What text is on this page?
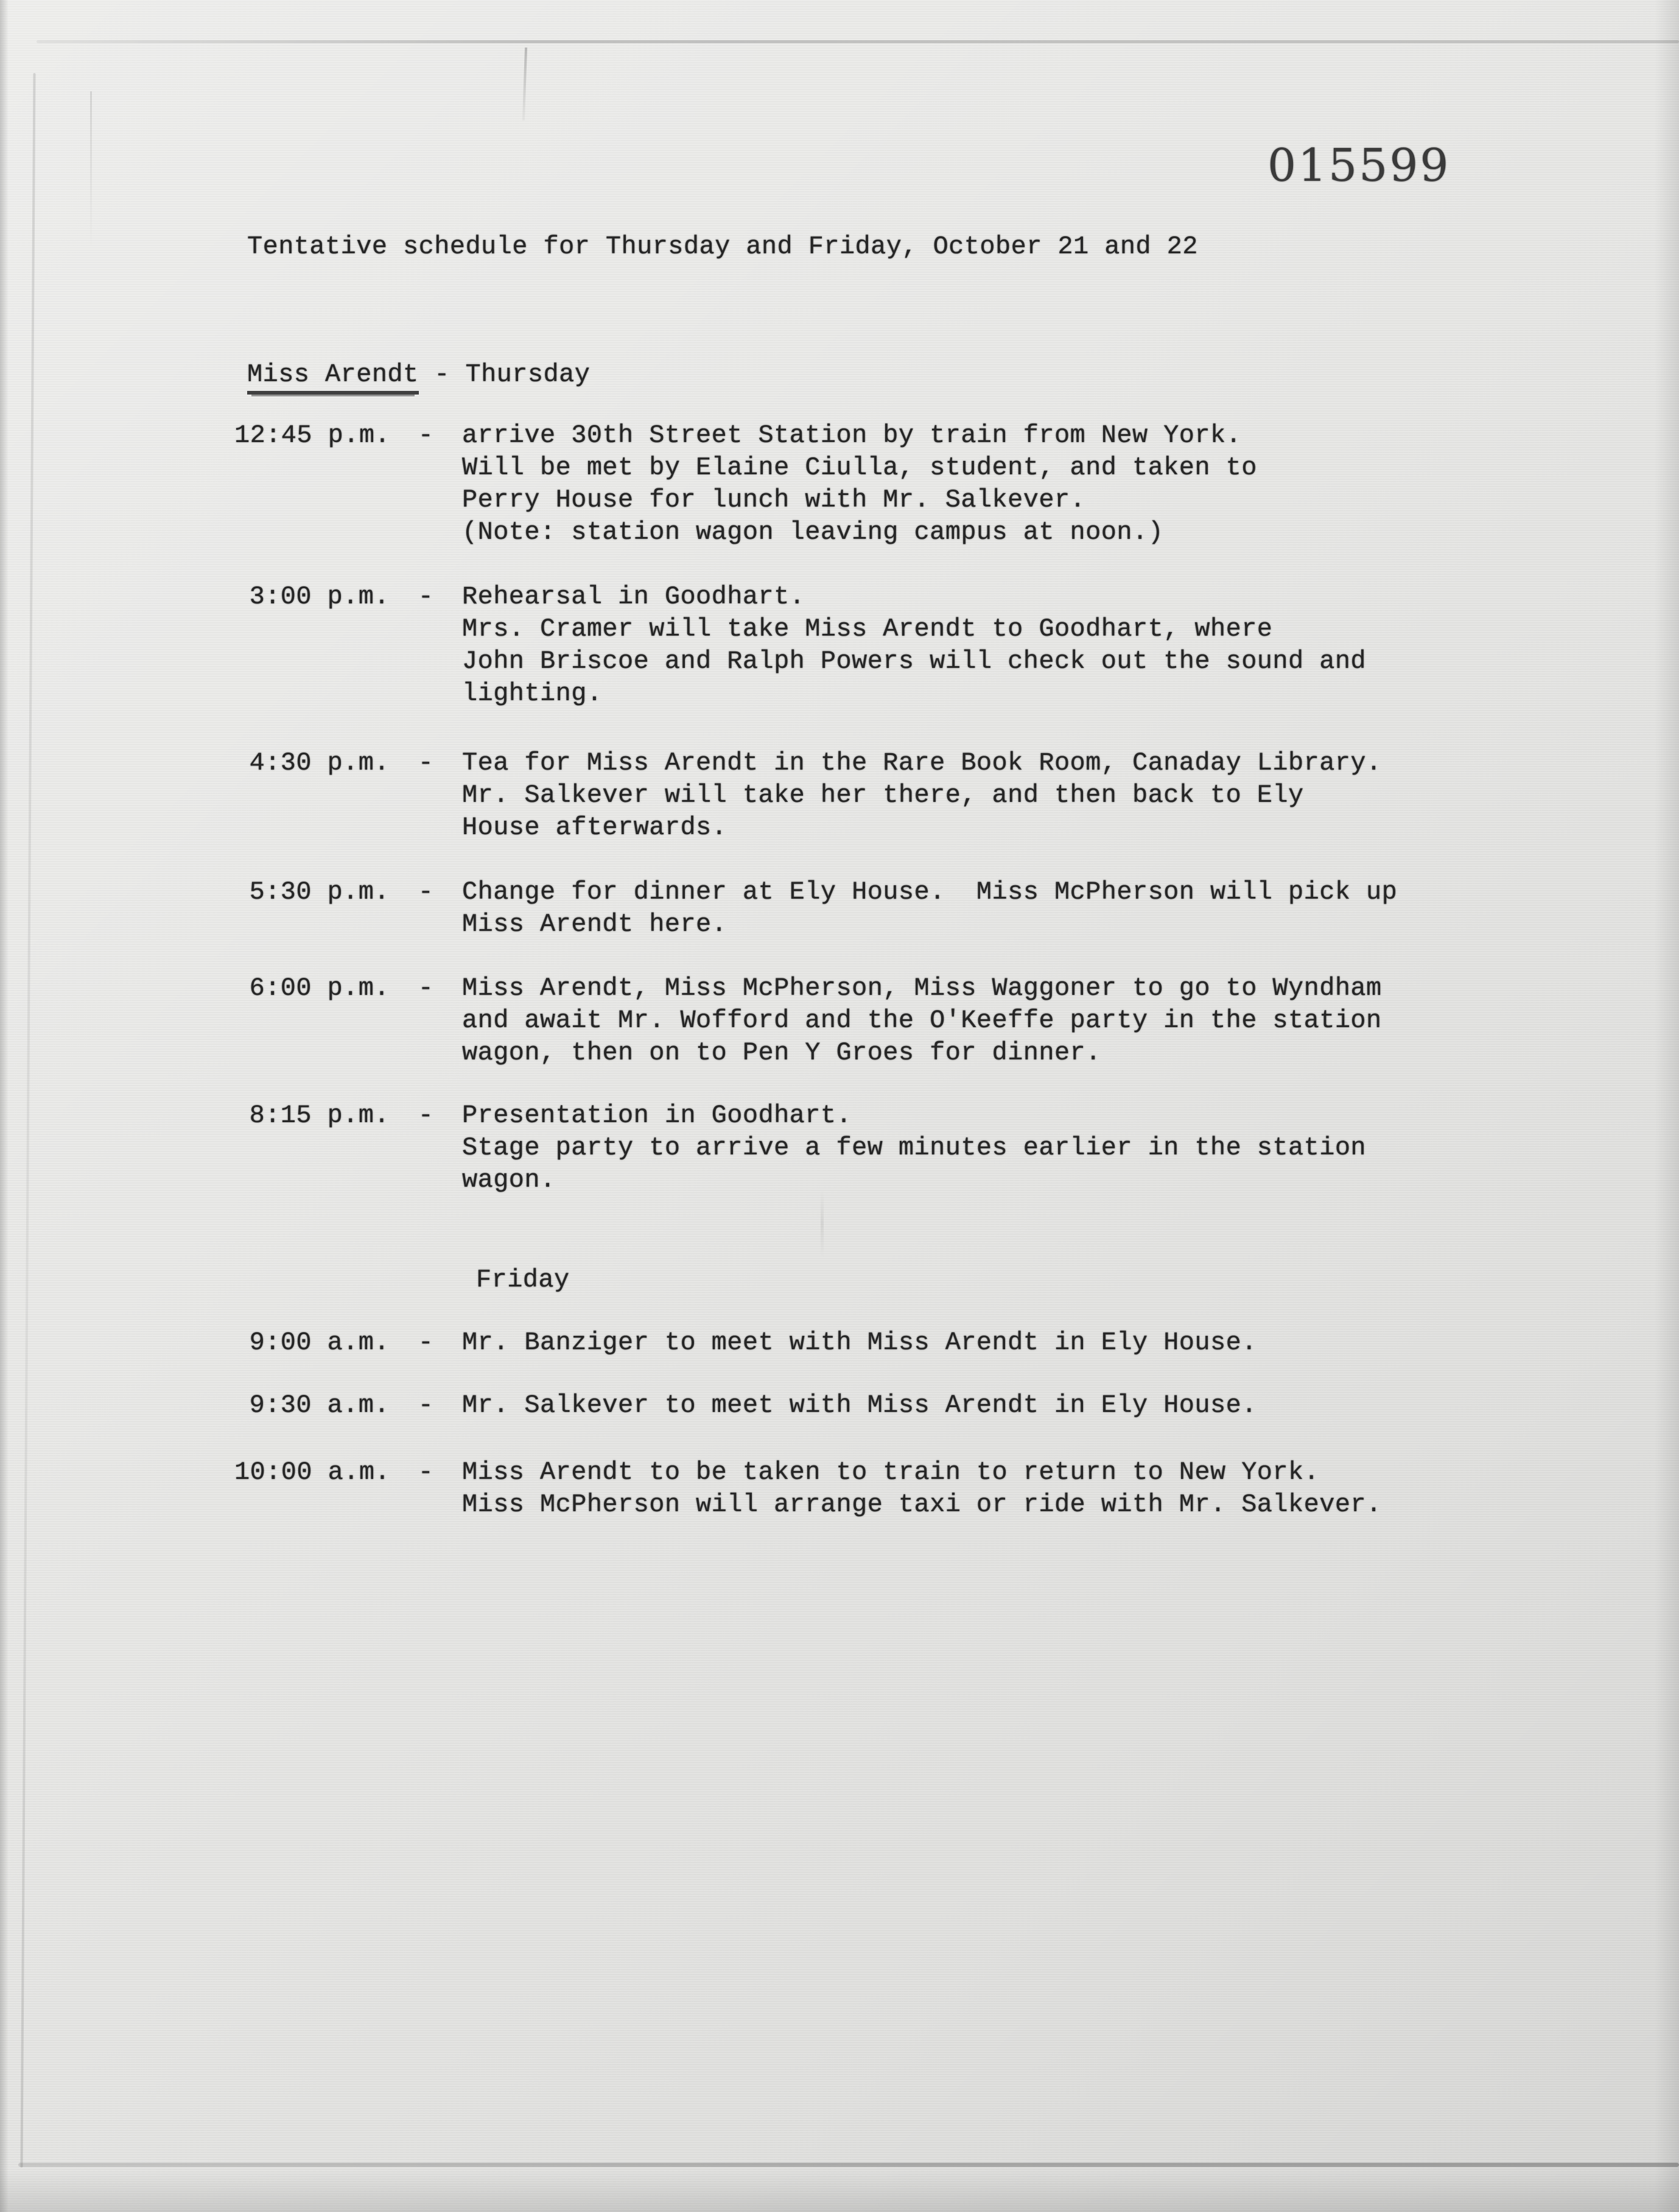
015599
Tentative schedule for Thursday and Friday, October 21 and 22
Miss Arendt - Thursday
12:45 p.m.	-	arrive 30th Street Station by train from New York.
Will be met by Elaine Ciulla, student, and taken to
Perry House for lunch with Mr. Salkever.
(Note: station wagon leaving campus at noon.)
3:00 p.m.	-	Rehearsal in Goodhart.
Mrs. Cramer will take Miss Arendt to Goodhart, where
John Briscoe and Ralph Powers will check out the sound and
lighting.
4:30 p.m.	-	Tea for Miss Arendt in the Rare Book Room, Canaday Library.
Mr. Salkever will take her there, and then back to Ely
House afterwards.
5:30 p.m.	-	Change for dinner at Ely House.  Miss McPherson will pick up
Miss Arendt here.
6:00 p.m.	-	Miss Arendt, Miss McPherson, Miss Waggoner to go to Wyndham
and await Mr. Wofford and the O'Keeffe party in the station
wagon, then on to Pen Y Groes for dinner.
8:15 p.m.	-	Presentation in Goodhart.
Stage party to arrive a few minutes earlier in the station
wagon.
Friday
9:00 a.m.	-	Mr. Banziger to meet with Miss Arendt in Ely House.
9:30 a.m.	-	Mr. Salkever to meet with Miss Arendt in Ely House.
10:00 a.m.	-	Miss Arendt to be taken to train to return to New York.
Miss McPherson will arrange taxi or ride with Mr. Salkever.
